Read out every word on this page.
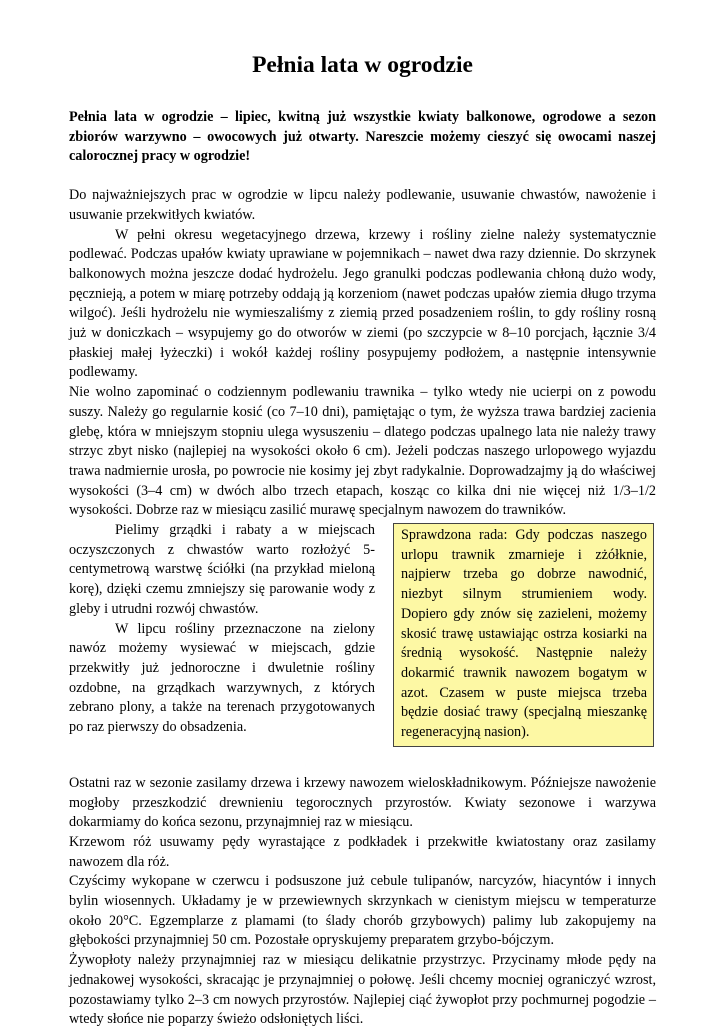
Pełnia lata w ogrodzie

Pełnia lata w ogrodzie – lipiec, kwitną już wszystkie kwiaty balkonowe, ogrodowe a sezon zbiorów warzywno – owocowych już otwarty. Nareszcie możemy cieszyć się owocami naszej calorocznej pracy w ogrodzie!

Do najważniejszych prac w ogrodzie w lipcu należy podlewanie, usuwanie chwastów, nawożenie i usuwanie przekwitłych kwiatów.

W pełni okresu wegetacyjnego drzewa, krzewy i rośliny zielne należy systematycznie podlewać. Podczas upałów kwiaty uprawiane w pojemnikach – nawet dwa razy dziennie. Do skrzynek balkonowych można jeszcze dodać hydrożelu. Jego granulki podczas podlewania chłoną dużo wody, pęcznieją, a potem w miarę potrzeby oddają ją korzeniom (nawet podczas upałów ziemia długo trzyma wilgoć). Jeśli hydrożelu nie wymieszaliśmy z ziemią przed posadzeniem roślin, to gdy rośliny rosną już w doniczkach – wsypujemy go do otworów w ziemi (po szczypcie w 8–10 porcjach, łącznie 3/4 płaskiej małej łyżeczki) i wokół każdej rośliny posypujemy podłożem, a następnie intensywnie podlewamy.

Nie wolno zapominać o codziennym podlewaniu trawnika – tylko wtedy nie ucierpi on z powodu suszy. Należy go regularnie kosić (co 7–10 dni), pamiętając o tym, że wyższa trawa bardziej zacienia glebę, która w mniejszym stopniu ulega wysuszeniu – dlatego podczas upalnego lata nie należy trawy strzyc zbyt nisko (najlepiej na wysokości około 6 cm). Jeżeli podczas naszego urlopowego wyjazdu trawa nadmiernie urosła, po powrocie nie kosimy jej zbyt radykalnie. Doprowadzajmy ją do właściwej wysokości (3–4 cm) w dwóch albo trzech etapach, kosząc co kilka dni nie więcej niż 1/3–1/2 wysokości. Dobrze raz w miesiącu zasilić murawę specjalnym nawozem do trawników.

Sprawdzona rada: Gdy podczas naszego urlopu trawnik zmarnieje i zżółknie, najpierw trzeba go dobrze nawodnić, niezbyt silnym strumieniem wody. Dopiero gdy znów się zazieleni, możemy skosić trawę ustawiając ostrza kosiarki na średnią wysokość. Następnie należy dokarmić trawnik nawozem bogatym w azot. Czasem w puste miejsca trzeba będzie dosiać trawy (specjalną mieszankę regeneracyjną nasion).

Pielimy grządki i rabaty a w miejscach oczyszczonych z chwastów warto rozłożyć 5-centymetrową warstwę ściółki (na przykład mieloną korę), dzięki czemu zmniejszy się parowanie wody z gleby i utrudni rozwój chwastów.

W lipcu rośliny przeznaczone na zielony nawóz możemy wysiewać w miejscach, gdzie przekwitły już jednoroczne i dwuletnie rośliny ozdobne, na grządkach warzywnych, z których zebrano plony, a także na terenach przygotowanych po raz pierwszy do obsadzenia.

Ostatni raz w sezonie zasilamy drzewa i krzewy nawozem wieloskładnikowym. Późniejsze nawożenie mogłoby przeszkodzić drewnieniu tegorocznych przyrostów. Kwiaty sezonowe i warzywa dokarmiamy do końca sezonu, przynajmniej raz w miesiącu.

Krzewom róż usuwamy pędy wyrastające z podkładek i przekwitłe kwiatostany oraz zasilamy nawozem dla róż.

Czyścimy wykopane w czerwcu i podsuszone już cebule tulipanów, narcyzów, hiacyntów i innych bylin wiosennych. Układamy je w przewiewnych skrzynkach w cienistym miejscu w temperaturze około 20°C. Egzemplarze z plamami (to ślady chorób grzybowych) palimy lub zakopujemy na głębokości przynajmniej 50 cm. Pozostałe opryskujemy preparatem grzybo-bójczym.

Żywopłoty należy przynajmniej raz w miesiącu delikatnie przystrzyc. Przycinamy młode pędy na jednakowej wysokości, skracając je przynajmniej o połowę. Jeśli chcemy mocniej ograniczyć wzrost, pozostawiamy tylko 2–3 cm nowych przyrostów. Najlepiej ciąć żywopłot przy pochmurnej pogodzie – wtedy słońce nie poparzy świeżo odsłoniętych liści.
